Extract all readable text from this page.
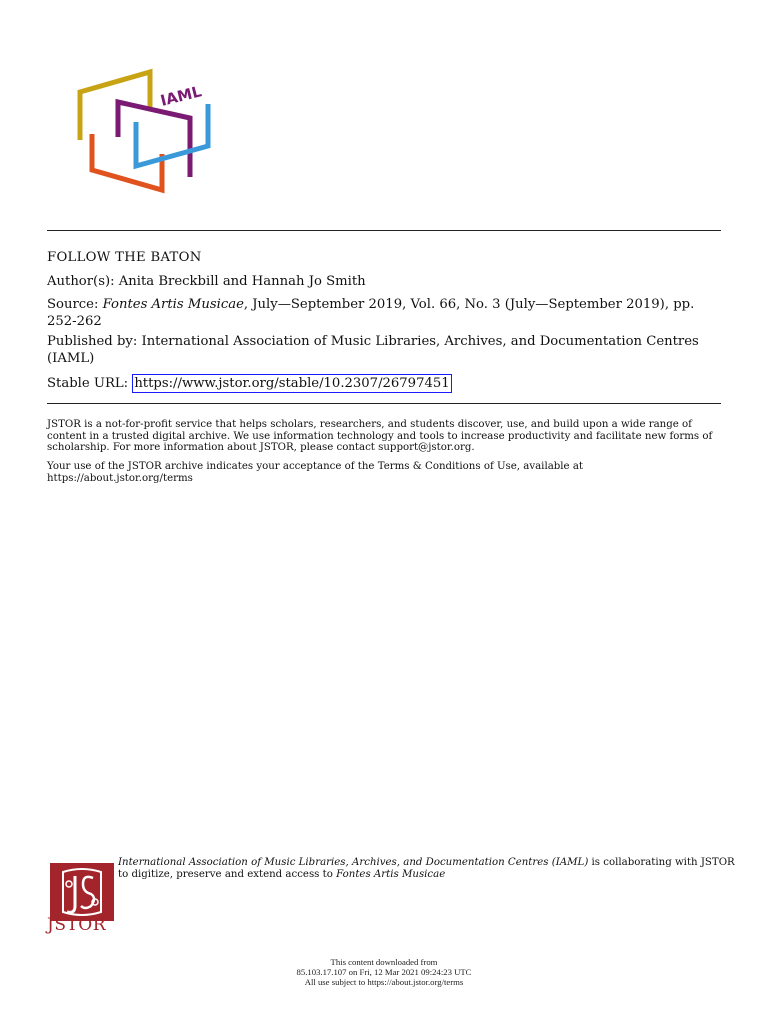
IAML
FOLLOW THE BATON
Author(s): Anita Breckbill and Hannah Jo Smith
Source: Fontes Artis Musicae, July—September 2019, Vol. 66, No. 3 (July—September 2019), pp. 252-262
Published by: International Association of Music Libraries, Archives, and Documentation Centres (IAML)
Stable URL: https://www.jstor.org/stable/10.2307/26797451

JSTOR is a not-for-profit service that helps scholars, researchers, and students discover, use, and build upon a wide range of content in a trusted digital archive. We use information technology and tools to increase productivity and facilitate new forms of scholarship. For more information about JSTOR, please contact support@jstor.org.

Your use of the JSTOR archive indicates your acceptance of the Terms & Conditions of Use, available at https://about.jstor.org/terms

JSTOR

International Association of Music Libraries, Archives, and Documentation Centres (IAML) is collaborating with JSTOR to digitize, preserve and extend access to Fontes Artis Musicae

This content downloaded from

85.103.17.107 on Fri, 12 Mar 2021 09:24:23 UTC

All use subject to https://about.jstor.org/terms
